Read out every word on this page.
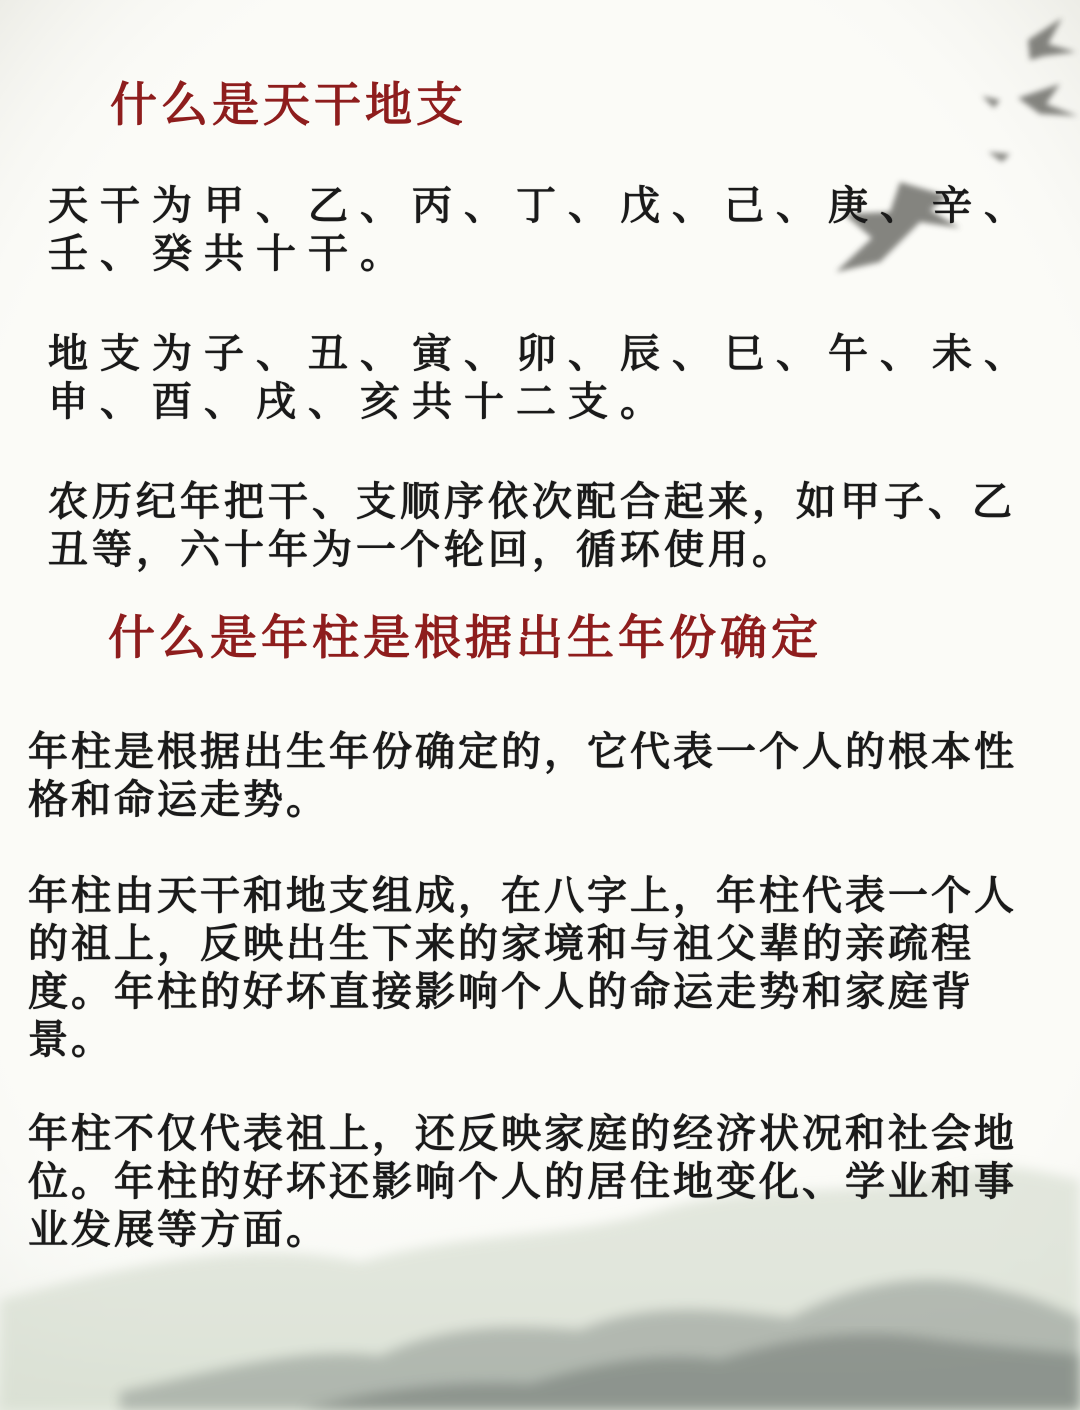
什么是天干地支

天干为甲、乙、丙、丁、戊、己、庚、辛、壬、癸共十干。

地支为子、丑、寅、卯、辰、巳、午、未、申、酉、戌、亥共十二支。

农历纪年把干、支顺序依次配合起来，如甲子、乙丑等，六十年为一个轮回，循环使用。

什么是年柱是根据出生年份确定

年柱是根据出生年份确定的，它代表一个人的根本性格和命运走势。

年柱由天干和地支组成，在八字上，年柱代表一个人的祖上，反映出生下来的家境和与祖父辈的亲疏程度。年柱的好坏直接影响个人的命运走势和家庭背景。

年柱不仅代表祖上，还反映家庭的经济状况和社会地位。年柱的好坏还影响个人的居住地变化、学业和事业发展等方面。
